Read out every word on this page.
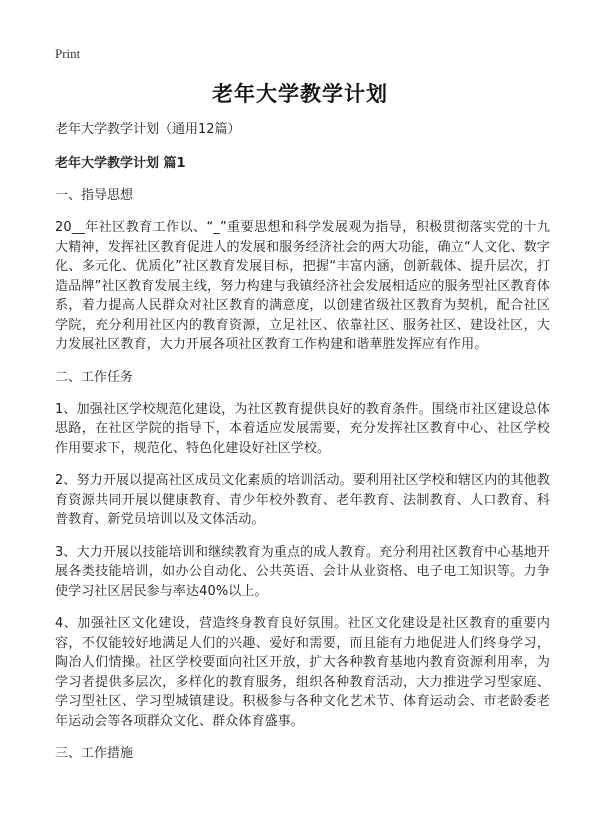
Print
老年大学教学计划

老年大学教学计划（通用12篇）

老年大学教学计划 篇1

一、指导思想

20__年社区教育工作以、“_”重要思想和科学发展观为指导，积极贯彻落实党的十九大精神，发挥社区教育促进人的发展和服务经济社会的两大功能，确立“人文化、数字化、多元化、优质化”社区教育发展目标，把握“丰富内涵，创新载体、提升层次，打造品牌”社区教育发展主线，努力构建与我镇经济社会发展相适应的服务型社区教育体系，着力提高人民群众对社区教育的满意度，以创建省级社区教育为契机，配合社区学院，充分利用社区内的教育资源，立足社区、依靠社区、服务社区、建设社区，大力发展社区教育，大力开展各项社区教育工作构建和谐華胜发挥应有作用。

二、工作任务

1、加强社区学校规范化建设，为社区教育提供良好的教育条件。围绕市社区建设总体思路，在社区学院的指导下，本着适应发展需要，充分发挥社区教育中心、社区学校作用要求下，规范化、特色化建设好社区学校。

2、努力开展以提高社区成员文化素质的培训活动。要利用社区学校和辖区内的其他教育资源共同开展以健康教育、青少年校外教育、老年教育、法制教育、人口教育、科普教育、新党员培训以及文体活动。

3、大力开展以技能培训和继续教育为重点的成人教育。充分利用社区教育中心基地开展各类技能培训，如办公自动化、公共英语、会计从业资格、电子电工知识等。力争使学习社区居民参与率达40%以上。

4、加强社区文化建设，营造终身教育良好氛围。社区文化建设是社区教育的重要内容，不仅能较好地满足人们的兴趣、爱好和需要，而且能有力地促进人们终身学习，陶冶人们情操。社区学校要面向社区开放，扩大各种教育基地内教育资源利用率，为学习者提供多层次，多样化的教育服务，组织各种教育活动，大力推进学习型家庭、学习型社区、学习型城镇建设。积极参与各种文化艺术节、体育运动会、市老龄委老年运动会等各项群众文化、群众体育盛事。

三、工作措施
